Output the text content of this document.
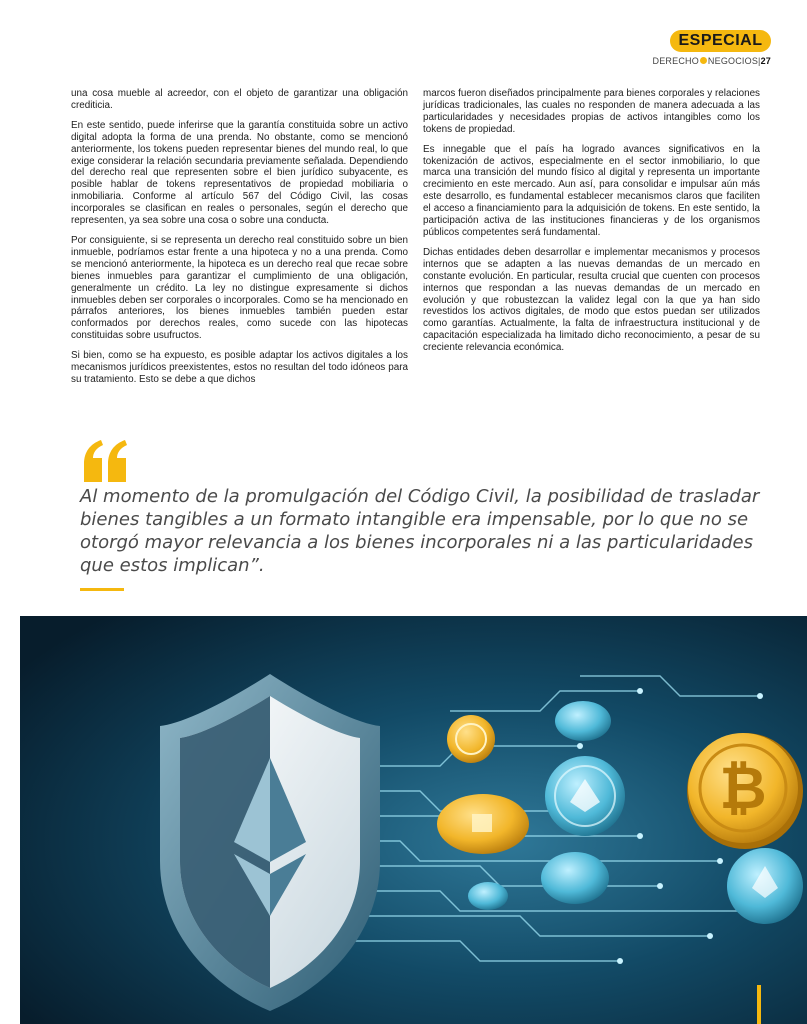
ESPECIAL
DERECHO NEGOCIOS|27

una cosa mueble al acreedor, con el objeto de garantizar una obligación crediticia.

En este sentido, puede inferirse que la garantía constituida sobre un activo digital adopta la forma de una prenda. No obstante, como se mencionó anteriormente, los tokens pueden representar bienes del mundo real, lo que exige considerar la relación secundaria previamente señalada. Dependiendo del derecho real que representen sobre el bien jurídico subyacente, es posible hablar de tokens representativos de propiedad mobiliaria o inmobiliaria. Conforme al artículo 567 del Código Civil, las cosas incorporales se clasifican en reales o personales, según el derecho que representen, ya sea sobre una cosa o sobre una conducta.

Por consiguiente, si se representa un derecho real constituido sobre un bien inmueble, podríamos estar frente a una hipoteca y no a una prenda. Como se mencionó anteriormente, la hipoteca es un derecho real que recae sobre bienes inmuebles para garantizar el cumplimiento de una obligación, generalmente un crédito. La ley no distingue expresamente si dichos inmuebles deben ser corporales o incorporales. Como se ha mencionado en párrafos anteriores, los bienes inmuebles también pueden estar conformados por derechos reales, como sucede con las hipotecas constituidas sobre usufructos.

Si bien, como se ha expuesto, es posible adaptar los activos digitales a los mecanismos jurídicos preexistentes, estos no resultan del todo idóneos para su tratamiento. Esto se debe a que dichos

marcos fueron diseñados principalmente para bienes corporales y relaciones jurídicas tradicionales, las cuales no responden de manera adecuada a las particularidades y necesidades propias de activos intangibles como los tokens de propiedad.

Es innegable que el país ha logrado avances significativos en la tokenización de activos, especialmente en el sector inmobiliario, lo que marca una transición del mundo físico al digital y representa un importante crecimiento en este mercado. Aun así, para consolidar e impulsar aún más este desarrollo, es fundamental establecer mecanismos claros que faciliten el acceso a financiamiento para la adquisición de tokens. En este sentido, la participación activa de las instituciones financieras y de los organismos públicos competentes será fundamental.

Dichas entidades deben desarrollar e implementar mecanismos y procesos internos que se adapten a las nuevas demandas de un mercado en constante evolución. En particular, resulta crucial que cuenten con procesos internos que respondan a las nuevas demandas de un mercado en evolución y que robustezcan la validez legal con la que ya han sido revestidos los activos digitales, de modo que estos puedan ser utilizados como garantías. Actualmente, la falta de infraestructura institucional y de capacitación especializada ha limitado dicho reconocimiento, a pesar de su creciente relevancia económica.

Al momento de la promulgación del Código Civil, la posibilidad de trasladar bienes tangibles a un formato intangible era impensable, por lo que no se otorgó mayor relevancia a los bienes incorporales ni a las particularidades que estos implican”.
₿
